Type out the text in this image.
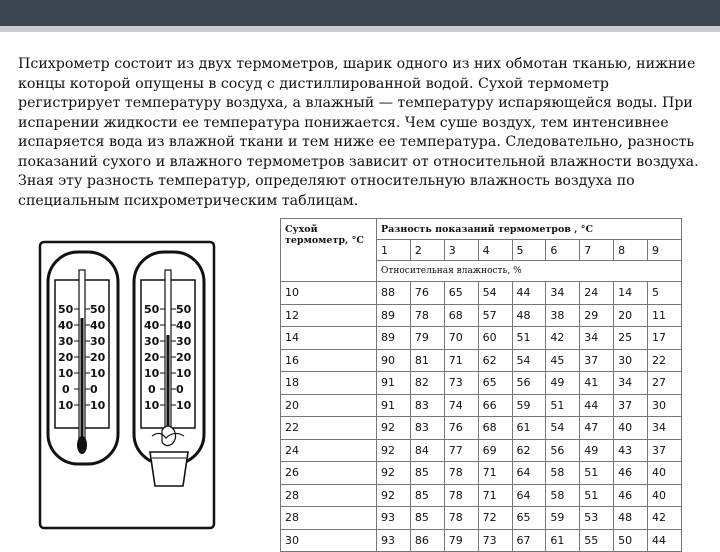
Психрометр состоит из двух термометров, шарик одного из них обмотан тканью, нижние концы которой опущены в сосуд с дистиллированной водой. Сухой термометр регистрирует температуру воздуха, а влажный — температуру испаряющейся воды. При испарении жидкости ее температура понижается. Чем суше воздух, тем интенсивнее испаряется вода из влажной ткани и тем ниже ее температура. Следовательно, разность показаний сухого и влажного термометров зависит от относительной влажности воздуха. Зная эту разность температур, определяют относительную влажность воздуха по специальным психрометрическим таблицам.

50
40
30
20
10
0
10
50
40
30
20
10
0
10
50
40
30
20
10
0
10
50
40
30
20
10
0
10
Сухой термометр, °С	Разность показаний термометров , °С								
	1	2	3	4	5	6	7	8	9
	Относительная влажность, %								
10	88	76	65	54	44	34	24	14	5
12	89	78	68	57	48	38	29	20	11
14	89	79	70	60	51	42	34	25	17
16	90	81	71	62	54	45	37	30	22
18	91	82	73	65	56	49	41	34	27
20	91	83	74	66	59	51	44	37	30
22	92	83	76	68	61	54	47	40	34
24	92	84	77	69	62	56	49	43	37
26	92	85	78	71	64	58	51	46	40
28	92	85	78	71	64	58	51	46	40
28	93	85	78	72	65	59	53	48	42
30	93	86	79	73	67	61	55	50	44
